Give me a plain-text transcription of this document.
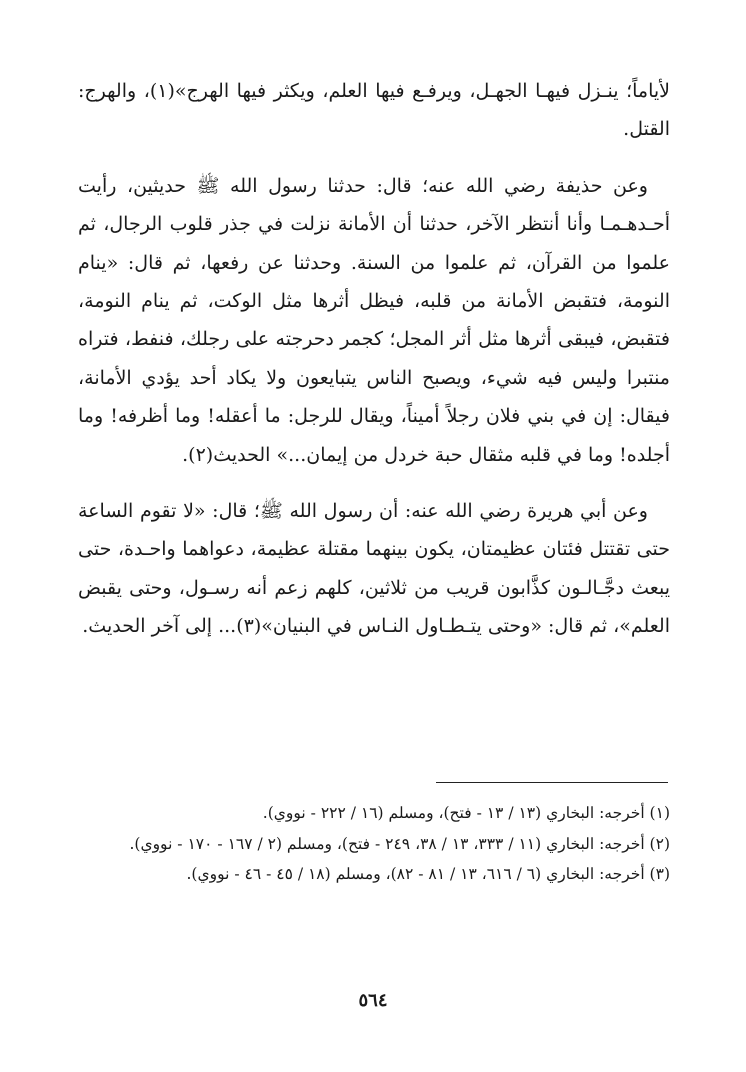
لأياماً؛ ينـزل فيهـا الجهـل، ويرفـع فيها العلم، ويكثر فيها الهرج»(١)، والهرج: القتل.

وعن حذيفة رضي الله عنه؛ قال: حدثنا رسول الله ﷺ حديثين، رأيت أحـدهـمـا وأنا أنتظر الآخر، حدثنا أن الأمانة نزلت في جذر قلوب الرجال، ثم علموا من القرآن، ثم علموا من السنة. وحدثنا عن رفعها، ثم قال: «ينام النومة، فتقبض الأمانة من قلبه، فيظل أثرها مثل الوكت، ثم ينام النومة، فتقبض، فيبقى أثرها مثل أثر المجل؛ كجمر دحرجته على رجلك، فنفط، فتراه منتبرا وليس فيه شيء، ويصبح الناس يتبايعون ولا يكاد أحد يؤدي الأمانة، فيقال: إن في بني فلان رجلاً أميناً، ويقال للرجل: ما أعقله! وما أظرفه! وما أجلده! وما في قلبه مثقال حبة خردل من إيمان...» الحديث(٢).

وعن أبي هريرة رضي الله عنه: أن رسول الله ﷺ؛ قال: «لا تقوم الساعة حتى تقتتل فئتان عظيمتان، يكون بينهما مقتلة عظيمة، دعواهما واحـدة، حتى يبعث دجَّـالـون كذَّابون قريب من ثلاثين، كلهم زعم أنه رسـول، وحتى يقبض العلم»، ثم قال: «وحتى يتـطـاول النـاس في البنيان»(٣)... إلى آخر الحديث.

(١) أخرجه: البخاري (١٣ / ١٣ - فتح)، ومسلم (١٦ / ٢٢٢ - نووي).

(٢) أخرجه: البخاري (١١ / ٣٣٣، ١٣ / ٣٨، ٢٤٩ - فتح)، ومسلم (٢ / ١٦٧ - ١٧٠ - نووي).

(٣) أخرجه: البخاري (٦ / ٦١٦، ١٣ / ٨١ - ٨٢)، ومسلم (١٨ / ٤٥ - ٤٦ - نووي).

٥٦٤
